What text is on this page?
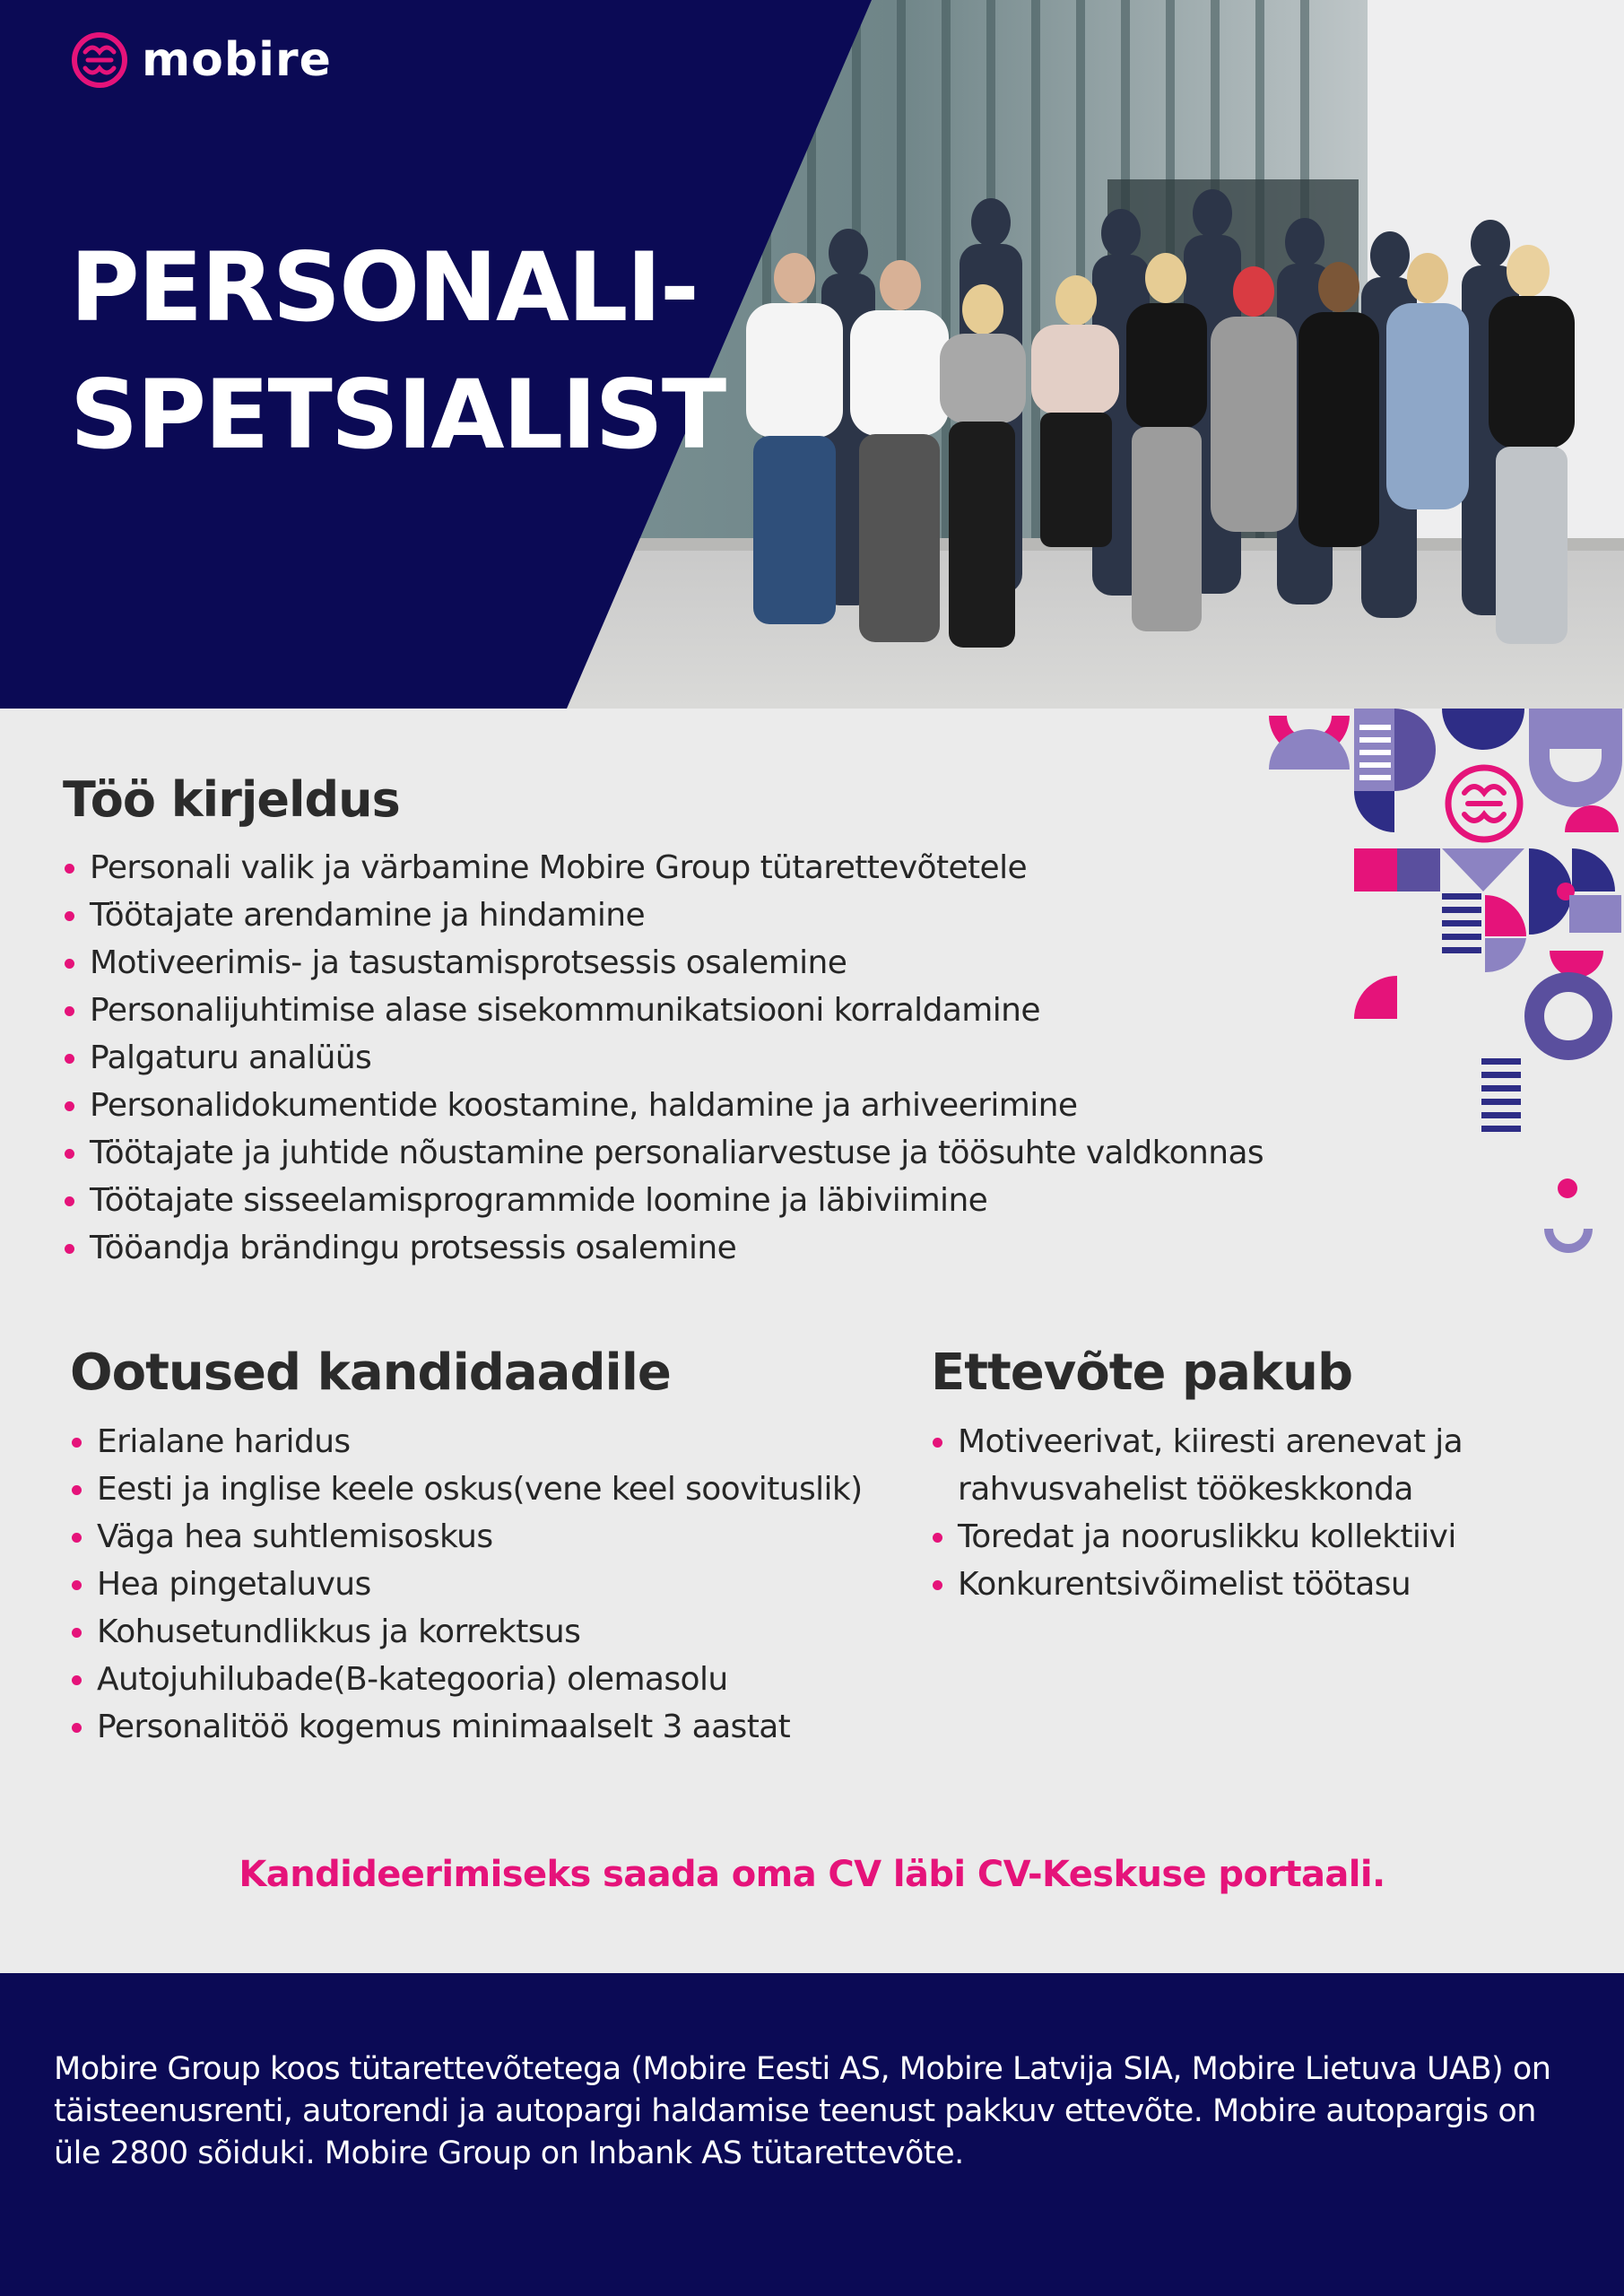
mobire
PERSONALI-
SPETSIALIST
Töö kirjeldus
Personali valik ja värbamine Mobire Group tütarettevõtetele
Töötajate arendamine ja hindamine
Motiveerimis- ja tasustamisprotsessis osalemine
Personalijuhtimise alase sisekommunikatsiooni korraldamine
Palgaturu analüüs
Personalidokumentide koostamine, haldamine ja arhiveerimine
Töötajate ja juhtide nõustamine personaliarvestuse ja töösuhte valdkonnas
Töötajate sisseelamisprogrammide loomine ja läbiviimine
Tööandja brändingu protsessis osalemine
Ootused kandidaadile
Erialane haridus
Eesti ja inglise keele oskus(vene keel soovituslik)
Väga hea suhtlemisoskus
Hea pingetaluvus
Kohusetundlikkus ja korrektsus
Autojuhilubade(B-kategooria) olemasolu
Personalitöö kogemus minimaalselt 3 aastat
Ettevõte pakub
Motiveerivat, kiiresti arenevat ja rahvusvahelist töökeskkonda
Toredat ja nooruslikku kollektiivi
Konkurentsivõimelist töötasu
Kandideerimiseks saada oma CV läbi CV-Keskuse portaali.

Mobire Group koos tütarettevõtetega (Mobire Eesti AS, Mobire Latvija SIA, Mobire Lietuva UAB) on täisteenusrenti, autorendi ja autopargi haldamise teenust pakkuv ettevõte. Mobire autopargis on üle 2800 sõiduki. Mobire Group on Inbank AS tütarettevõte.
